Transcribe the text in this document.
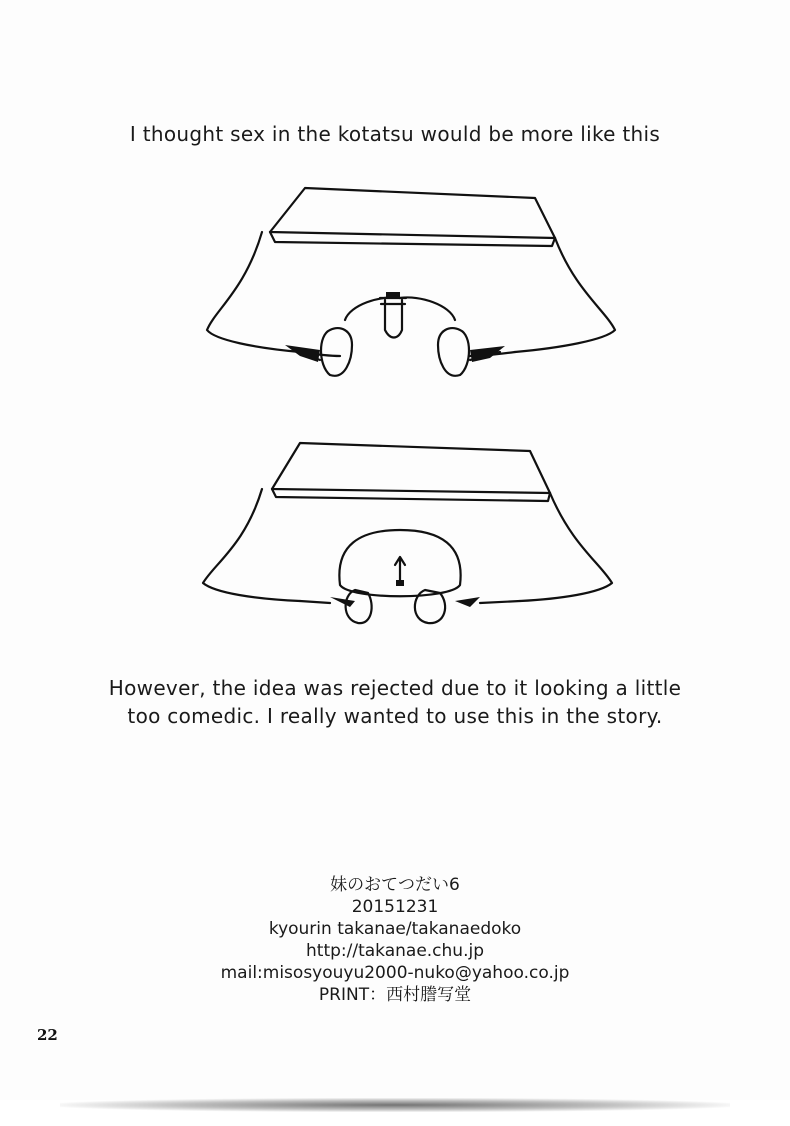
I thought sex in the kotatsu would be more like this
However, the idea was rejected due to it looking a little
too comedic. I really wanted to use this in the story.
妹のおてつだい6
20151231
kyourin takanae/takanaedoko
http://takanae.chu.jp
mail:misosyouyu2000-nuko@yahoo.co.jp
PRINT：西村謄写堂
22
